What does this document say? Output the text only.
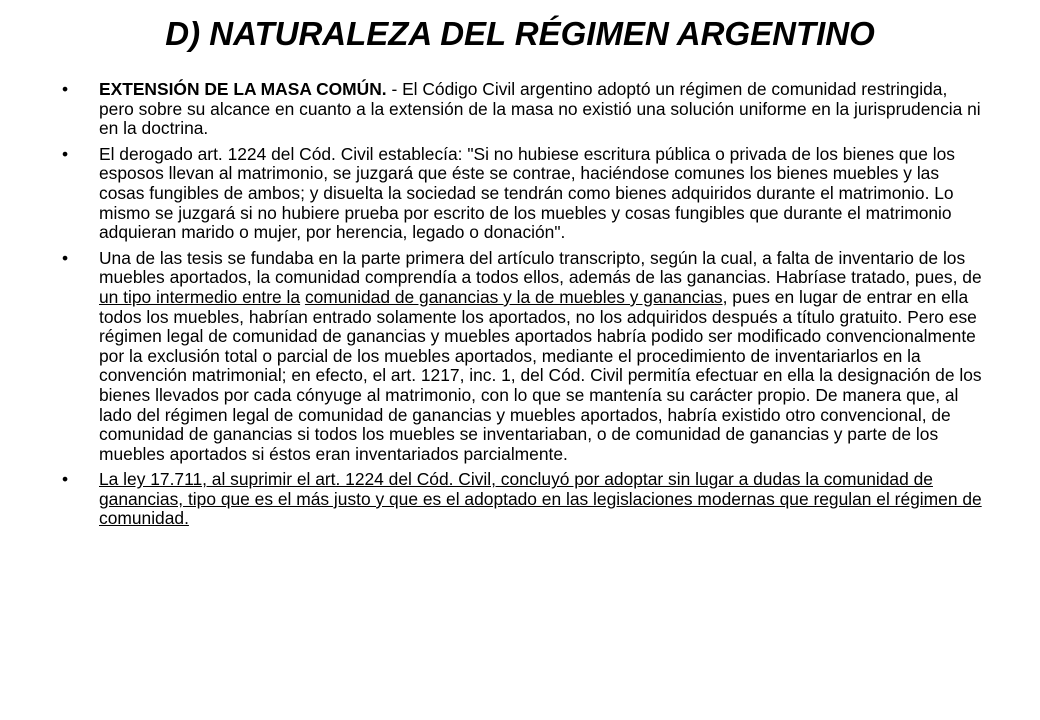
D) NATURALEZA DEL RÉGIMEN ARGENTINO
• EXTENSIÓN DE LA MASA COMÚN. - El Código Civil argentino adoptó un régimen de comunidad restringida, pero sobre su alcance en cuanto a la extensión de la masa no existió una solución uniforme en la jurisprudencia ni en la doctrina.
• El derogado art. 1224 del Cód. Civil establecía: "Si no hubiese escritura pública o privada de los bienes que los esposos llevan al matrimonio, se juzgará que éste se contrae, haciéndose comunes los bienes muebles y las cosas fungibles de ambos; y disuelta la sociedad se tendrán como bienes adquiridos durante el matrimonio. Lo mismo se juzgará si no hubiere prueba por escrito de los muebles y cosas fungibles que durante el matrimonio adquieran marido o mujer, por herencia, legado o donación".
• Una de las tesis se fundaba en la parte primera del artículo transcripto, según la cual, a falta de inventario de los muebles aportados, la comunidad comprendía a todos ellos, además de las ganancias. Habríase tratado, pues, de un tipo intermedio entre la comunidad de ganancias y la de muebles y ganancias, pues en lugar de entrar en ella todos los muebles, habrían entrado solamente los aportados, no los adquiridos después a título gratuito. Pero ese régimen legal de comunidad de ganancias y muebles aportados habría podido ser modificado convencionalmente por la exclusión total o parcial de los muebles aportados, mediante el procedimiento de inventariarlos en la convención matrimonial; en efecto, el art. 1217, inc. 1, del Cód. Civil permitía efectuar en ella la designación de los bienes llevados por cada cónyuge al matrimonio, con lo que se mantenía su carácter propio. De manera que, al lado del régimen legal de comunidad de ganancias y muebles aportados, habría existido otro convencional, de comunidad de ganancias si todos los muebles se inventariaban, o de comunidad de ganancias y parte de los muebles aportados si éstos eran inventariados parcialmente.
• La ley 17.711, al suprimir el art. 1224 del Cód. Civil, concluyó por adoptar sin lugar a dudas la comunidad de ganancias, tipo que es el más justo y que es el adoptado en las legislaciones modernas que regulan el régimen de comunidad.
